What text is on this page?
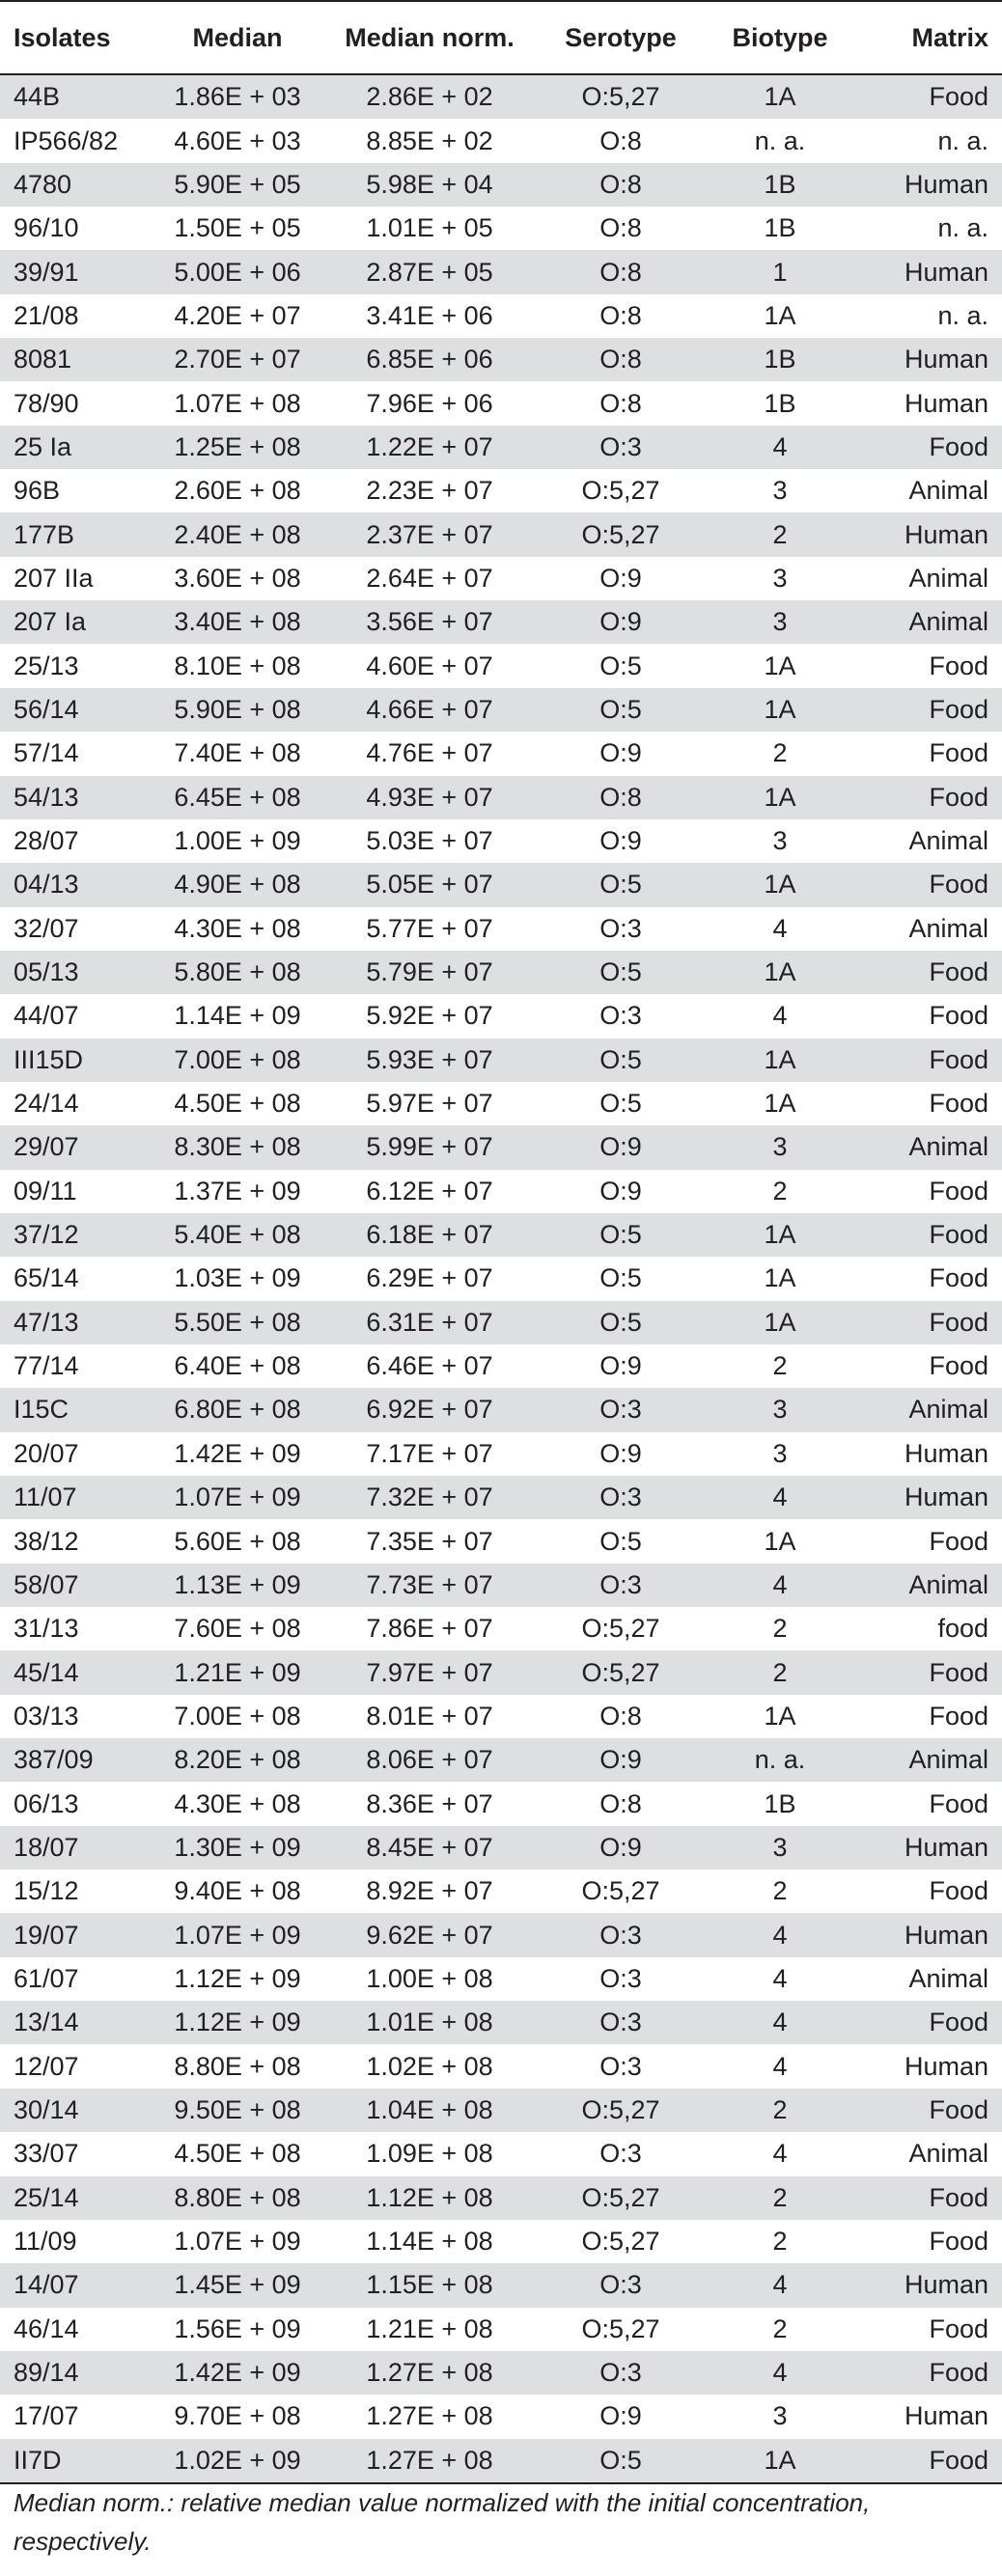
Isolates	Median	Median norm.	Serotype	Biotype	Matrix
44B	1.86E + 03	2.86E + 02	O:5,27	1A	Food
IP566/82	4.60E + 03	8.85E + 02	O:8	n. a.	n. a.
4780	5.90E + 05	5.98E + 04	O:8	1B	Human
96/10	1.50E + 05	1.01E + 05	O:8	1B	n. a.
39/91	5.00E + 06	2.87E + 05	O:8	1	Human
21/08	4.20E + 07	3.41E + 06	O:8	1A	n. a.
8081	2.70E + 07	6.85E + 06	O:8	1B	Human
78/90	1.07E + 08	7.96E + 06	O:8	1B	Human
25 Ia	1.25E + 08	1.22E + 07	O:3	4	Food
96B	2.60E + 08	2.23E + 07	O:5,27	3	Animal
177B	2.40E + 08	2.37E + 07	O:5,27	2	Human
207 IIa	3.60E + 08	2.64E + 07	O:9	3	Animal
207 Ia	3.40E + 08	3.56E + 07	O:9	3	Animal
25/13	8.10E + 08	4.60E + 07	O:5	1A	Food
56/14	5.90E + 08	4.66E + 07	O:5	1A	Food
57/14	7.40E + 08	4.76E + 07	O:9	2	Food
54/13	6.45E + 08	4.93E + 07	O:8	1A	Food
28/07	1.00E + 09	5.03E + 07	O:9	3	Animal
04/13	4.90E + 08	5.05E + 07	O:5	1A	Food
32/07	4.30E + 08	5.77E + 07	O:3	4	Animal
05/13	5.80E + 08	5.79E + 07	O:5	1A	Food
44/07	1.14E + 09	5.92E + 07	O:3	4	Food
III15D	7.00E + 08	5.93E + 07	O:5	1A	Food
24/14	4.50E + 08	5.97E + 07	O:5	1A	Food
29/07	8.30E + 08	5.99E + 07	O:9	3	Animal
09/11	1.37E + 09	6.12E + 07	O:9	2	Food
37/12	5.40E + 08	6.18E + 07	O:5	1A	Food
65/14	1.03E + 09	6.29E + 07	O:5	1A	Food
47/13	5.50E + 08	6.31E + 07	O:5	1A	Food
77/14	6.40E + 08	6.46E + 07	O:9	2	Food
I15C	6.80E + 08	6.92E + 07	O:3	3	Animal
20/07	1.42E + 09	7.17E + 07	O:9	3	Human
11/07	1.07E + 09	7.32E + 07	O:3	4	Human
38/12	5.60E + 08	7.35E + 07	O:5	1A	Food
58/07	1.13E + 09	7.73E + 07	O:3	4	Animal
31/13	7.60E + 08	7.86E + 07	O:5,27	2	food
45/14	1.21E + 09	7.97E + 07	O:5,27	2	Food
03/13	7.00E + 08	8.01E + 07	O:8	1A	Food
387/09	8.20E + 08	8.06E + 07	O:9	n. a.	Animal
06/13	4.30E + 08	8.36E + 07	O:8	1B	Food
18/07	1.30E + 09	8.45E + 07	O:9	3	Human
15/12	9.40E + 08	8.92E + 07	O:5,27	2	Food
19/07	1.07E + 09	9.62E + 07	O:3	4	Human
61/07	1.12E + 09	1.00E + 08	O:3	4	Animal
13/14	1.12E + 09	1.01E + 08	O:3	4	Food
12/07	8.80E + 08	1.02E + 08	O:3	4	Human
30/14	9.50E + 08	1.04E + 08	O:5,27	2	Food
33/07	4.50E + 08	1.09E + 08	O:3	4	Animal
25/14	8.80E + 08	1.12E + 08	O:5,27	2	Food
11/09	1.07E + 09	1.14E + 08	O:5,27	2	Food
14/07	1.45E + 09	1.15E + 08	O:3	4	Human
46/14	1.56E + 09	1.21E + 08	O:5,27	2	Food
89/14	1.42E + 09	1.27E + 08	O:3	4	Food
17/07	9.70E + 08	1.27E + 08	O:9	3	Human
II7D	1.02E + 09	1.27E + 08	O:5	1A	Food
Median norm.: relative median value normalized with the initial concentration, respectively.
